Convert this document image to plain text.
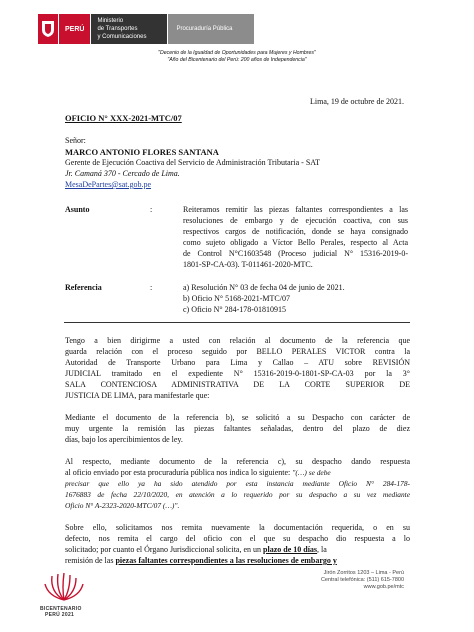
PERÚ
Ministerio
de Transportes
y Comunicaciones
Procuraduría Pública
"Decenio de la Igualdad de Oportunidades para Mujeres y Hombres"
"Año del Bicentenario del Perú: 200 años de Independencia"
Lima, 19 de octubre de 2021.
OFICIO N° XXX-2021-MTC/07
Señor:
MARCO ANTONIO FLORES SANTANA
Gerente de Ejecución Coactiva del Servicio de Administración Tributaria - SAT
Jr. Camaná 370 - Cercado de Lima.
MesaDePartes@sat.gob.pe
Asunto	:	Reiteramos remitir las piezas faltantes correspondientes a las
resoluciones de embargo y de ejecución coactiva, con sus
respectivos cargos de notificación, donde se haya consignado
como sujeto obligado a Víctor Bello Perales, respecto al Acta
de Control N°C1603548 (Proceso judicial N° 15316-2019-0-
1801-SP-CA-03). T-011461-2020-MTC.
Referencia	:	a) Resolución N° 03 de fecha 04 de junio de 2021.
b) Oficio N° 5168-2021-MTC/07
c) Oficio N° 284-178-01810915
Tengo a bien dirigirme a usted con relación al documento de la referencia que
guarda relación con el proceso seguido por BELLO PERALES VICTOR contra la
Autoridad de Transporte Urbano para Lima y Callao – ATU sobre REVISIÓN
JUDICIAL tramitado en el expediente N° 15316-2019-0-1801-SP-CA-03 por la 3°
SALA CONTENCIOSA ADMINISTRATIVA DE LA CORTE SUPERIOR DE
JUSTICIA DE LIMA, para manifestarle que:
Mediante el documento de la referencia b), se solicitó a su Despacho con carácter de
muy urgente la remisión las piezas faltantes señaladas, dentro del plazo de diez
días, bajo los apercibimientos de ley.
Al respecto, mediante documento de la referencia c), su despacho dando respuesta
al oficio enviado por esta procuraduría pública nos indica lo siguiente: "(…) se debe
precisar que ello ya ha sido atendido por esta instancia mediante Oficio N° 284-178-
1676883 de fecha 22/10/2020, en atención a lo requerido por su despacho a su vez mediante
Oficio N° A-2323-2020-MTC/07 (…)".
Sobre ello, solicitamos nos remita nuevamente la documentación requerida, o en su
defecto, nos remita el cargo del oficio con el que su despacho dio respuesta a lo
solicitado; por cuanto el Órgano Jurisdiccional solicita, en un plazo de 10 días, la
remisión de las piezas faltantes correspondientes a las resoluciones de embargo y
BICENTENARIO
PERÚ 2021
Jirón Zorritos 1203 – Lima - Perú
Central telefónica: (511) 615-7800
www.gob.pe/mtc
